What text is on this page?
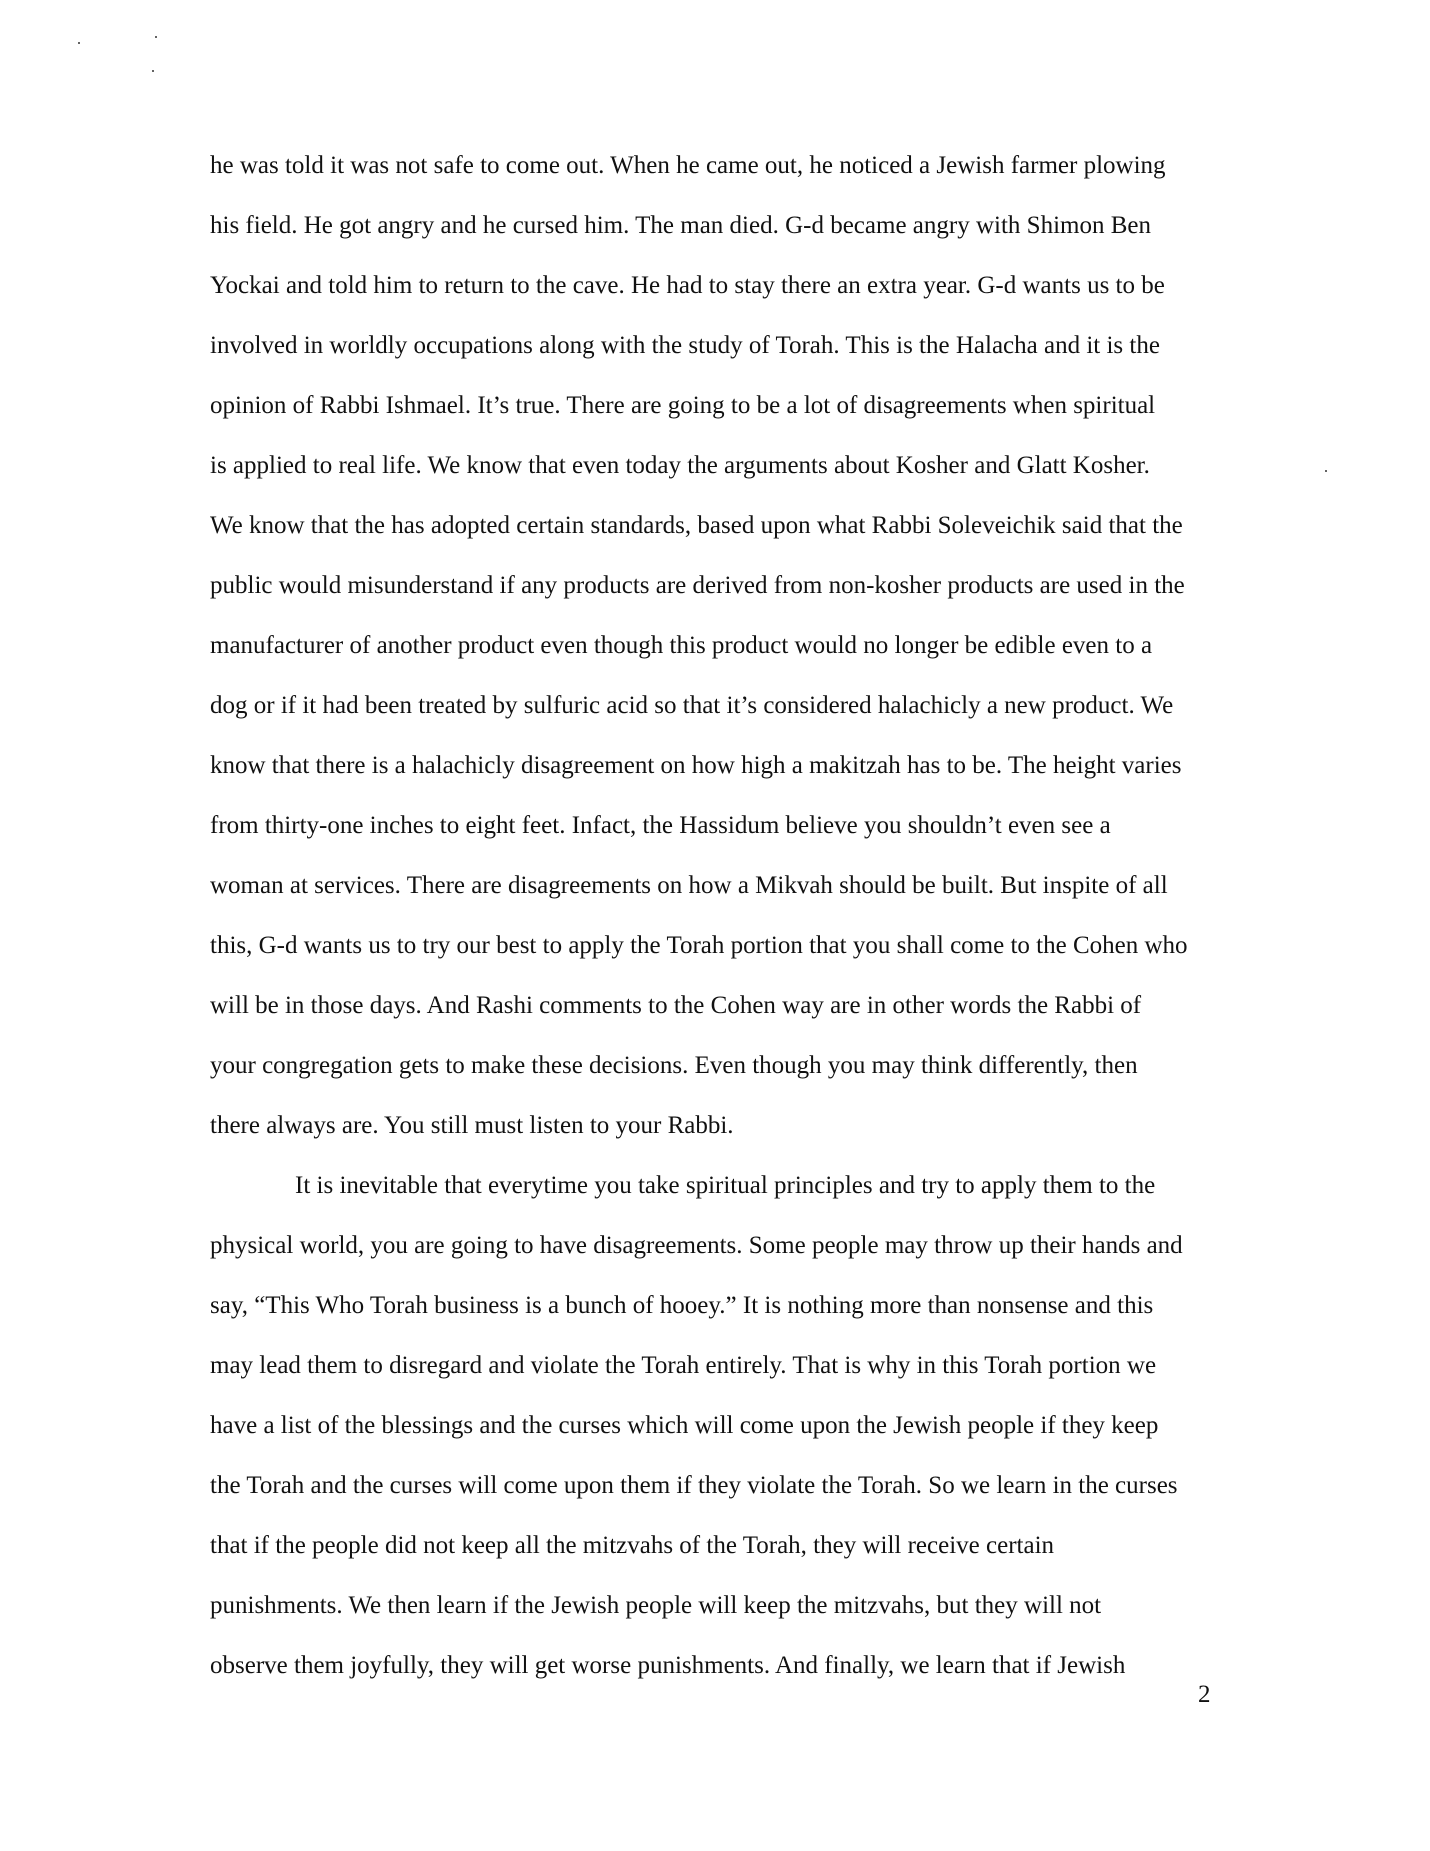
he was told it was not safe to come out. When he came out, he noticed a Jewish farmer plowing
his field. He got angry and he cursed him. The man died. G-d became angry with Shimon Ben
Yockai and told him to return to the cave. He had to stay there an extra year. G-d wants us to be
involved in worldly occupations along with the study of Torah. This is the Halacha and it is the
opinion of Rabbi Ishmael. It’s true. There are going to be a lot of disagreements when spiritual
is applied to real life. We know that even today the arguments about Kosher and Glatt Kosher.
We know that the has adopted certain standards, based upon what Rabbi Soleveichik said that the
public would misunderstand if any products are derived from non-kosher products are used in the
manufacturer of another product even though this product would no longer be edible even to a
dog or if it had been treated by sulfuric acid so that it’s considered halachicly a new product. We
know that there is a halachicly disagreement on how high a makitzah has to be. The height varies
from thirty-one inches to eight feet. Infact, the Hassidum believe you shouldn’t even see a
woman at services. There are disagreements on how a Mikvah should be built. But inspite of all
this, G-d wants us to try our best to apply the Torah portion that you shall come to the Cohen who
will be in those days. And Rashi comments to the Cohen way are in other words the Rabbi of
your congregation gets to make these decisions. Even though you may think differently, then
there always are. You still must listen to your Rabbi.
It is inevitable that everytime you take spiritual principles and try to apply them to the
physical world, you are going to have disagreements. Some people may throw up their hands and
say, “This Who Torah business is a bunch of hooey.” It is nothing more than nonsense and this
may lead them to disregard and violate the Torah entirely. That is why in this Torah portion we
have a list of the blessings and the curses which will come upon the Jewish people if they keep
the Torah and the curses will come upon them if they violate the Torah. So we learn in the curses
that if the people did not keep all the mitzvahs of the Torah, they will receive certain
punishments. We then learn if the Jewish people will keep the mitzvahs, but they will not
observe them joyfully, they will get worse punishments. And finally, we learn that if Jewish
2
